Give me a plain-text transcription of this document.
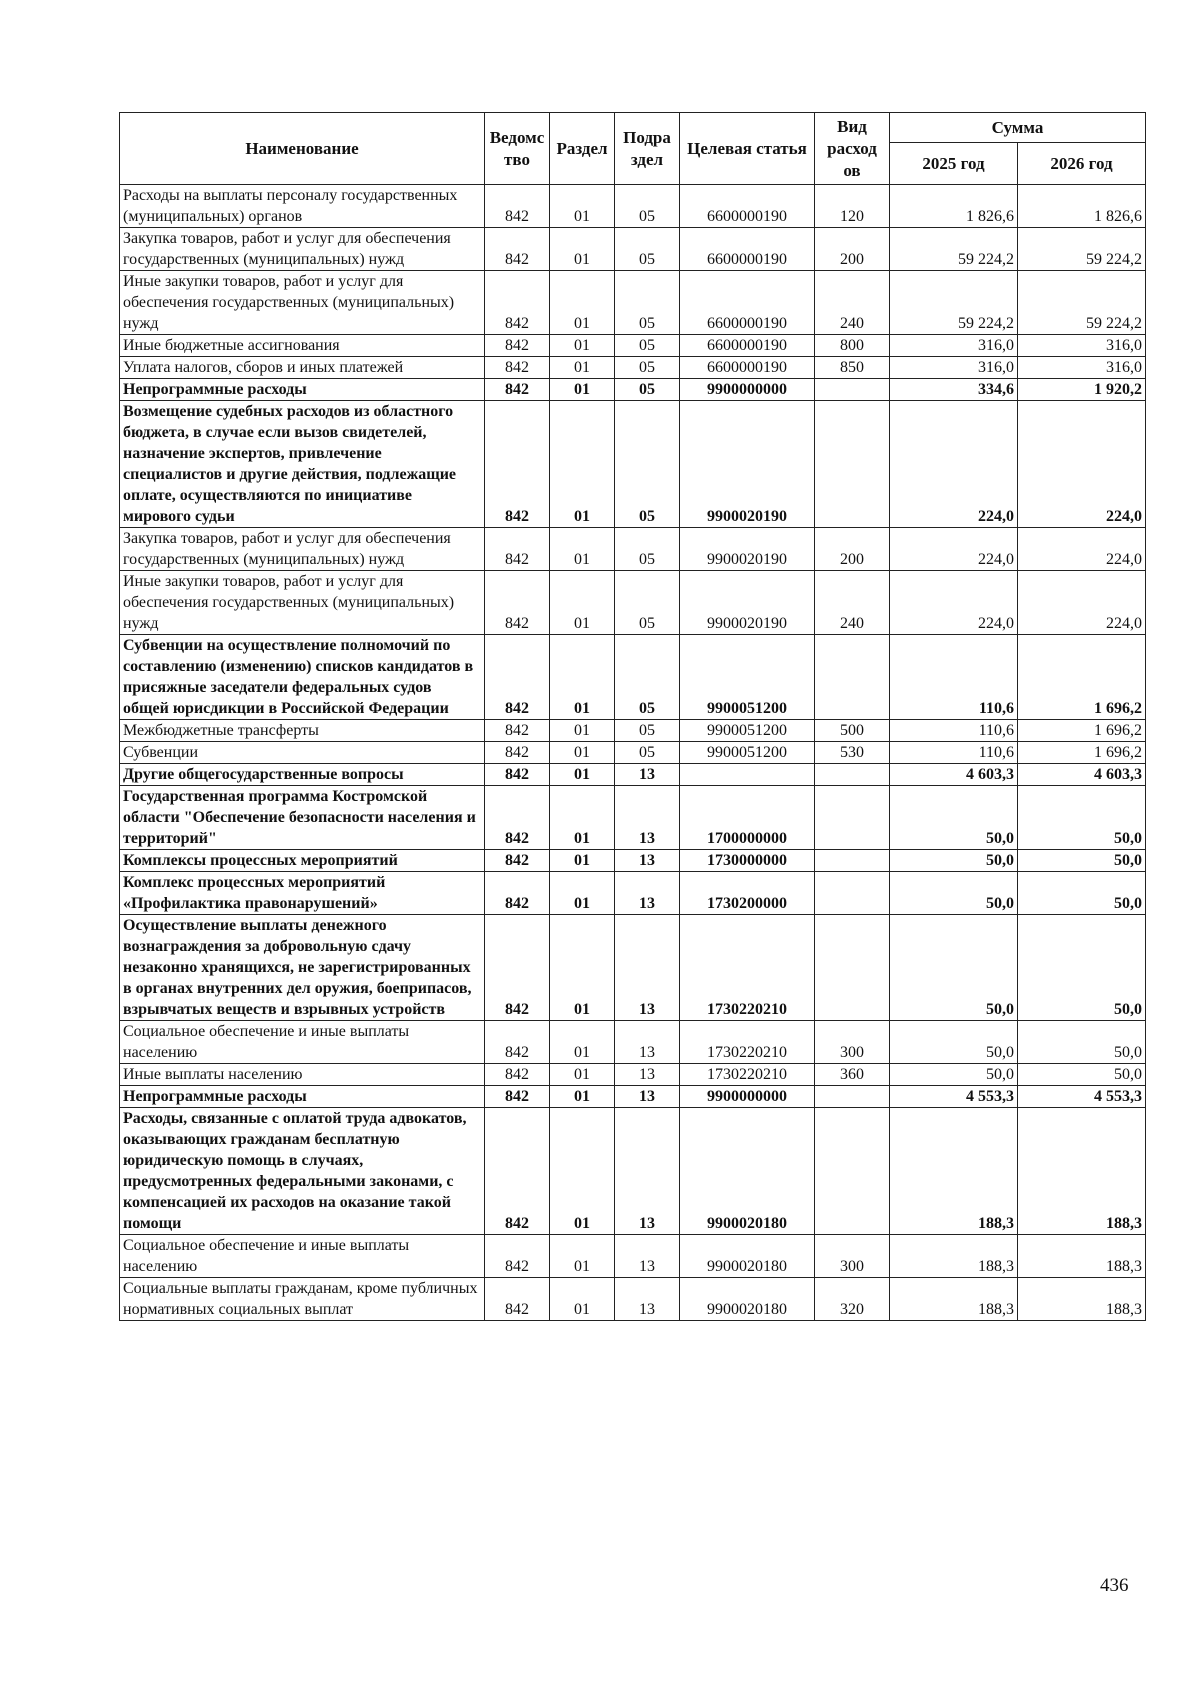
Наименование	Ведомс тво	Раздел	Подра здел	Целевая статья	Вид расход ов	Сумма	
						2025 год	2026 год
Расходы на выплаты персоналу государственных (муниципальных) органов	842	01	05	6600000190	120	1 826,6	1 826,6
Закупка товаров, работ и услуг для обеспечения государственных (муниципальных) нужд	842	01	05	6600000190	200	59 224,2	59 224,2
Иные закупки товаров, работ и услуг для обеспечения государственных (муниципальных) нужд	842	01	05	6600000190	240	59 224,2	59 224,2
Иные бюджетные ассигнования	842	01	05	6600000190	800	316,0	316,0
Уплата налогов, сборов и иных платежей	842	01	05	6600000190	850	316,0	316,0
Непрограммные расходы	842	01	05	9900000000		334,6	1 920,2
Возмещение судебных расходов из областного бюджета, в случае если вызов свидетелей, назначение экспертов, привлечение специалистов и другие действия, подлежащие оплате, осуществляются по инициативе мирового судьи	842	01	05	9900020190		224,0	224,0
Закупка товаров, работ и услуг для обеспечения государственных (муниципальных) нужд	842	01	05	9900020190	200	224,0	224,0
Иные закупки товаров, работ и услуг для обеспечения государственных (муниципальных) нужд	842	01	05	9900020190	240	224,0	224,0
Субвенции на осуществление полномочий по составлению (изменению) списков кандидатов в присяжные заседатели федеральных судов общей юрисдикции в Российской Федерации	842	01	05	9900051200		110,6	1 696,2
Межбюджетные трансферты	842	01	05	9900051200	500	110,6	1 696,2
Субвенции	842	01	05	9900051200	530	110,6	1 696,2
Другие общегосударственные вопросы	842	01	13			4 603,3	4 603,3
Государственная программа Костромской области "Обеспечение безопасности населения и территорий"	842	01	13	1700000000		50,0	50,0
Комплексы процессных мероприятий	842	01	13	1730000000		50,0	50,0
Комплекс процессных мероприятий «Профилактика правонарушений»	842	01	13	1730200000		50,0	50,0
Осуществление выплаты денежного вознаграждения за добровольную сдачу незаконно хранящихся, не зарегистрированных в органах внутренних дел оружия, боеприпасов, взрывчатых веществ и взрывных устройств	842	01	13	1730220210		50,0	50,0
Социальное обеспечение и иные выплаты населению	842	01	13	1730220210	300	50,0	50,0
Иные выплаты населению	842	01	13	1730220210	360	50,0	50,0
Непрограммные расходы	842	01	13	9900000000		4 553,3	4 553,3
Расходы, связанные с оплатой труда адвокатов, оказывающих гражданам бесплатную юридическую помощь в случаях, предусмотренных федеральными законами, с компенсацией их расходов на оказание такой помощи	842	01	13	9900020180		188,3	188,3
Социальное обеспечение и иные выплаты населению	842	01	13	9900020180	300	188,3	188,3
Социальные выплаты гражданам, кроме публичных нормативных социальных выплат	842	01	13	9900020180	320	188,3	188,3
436
